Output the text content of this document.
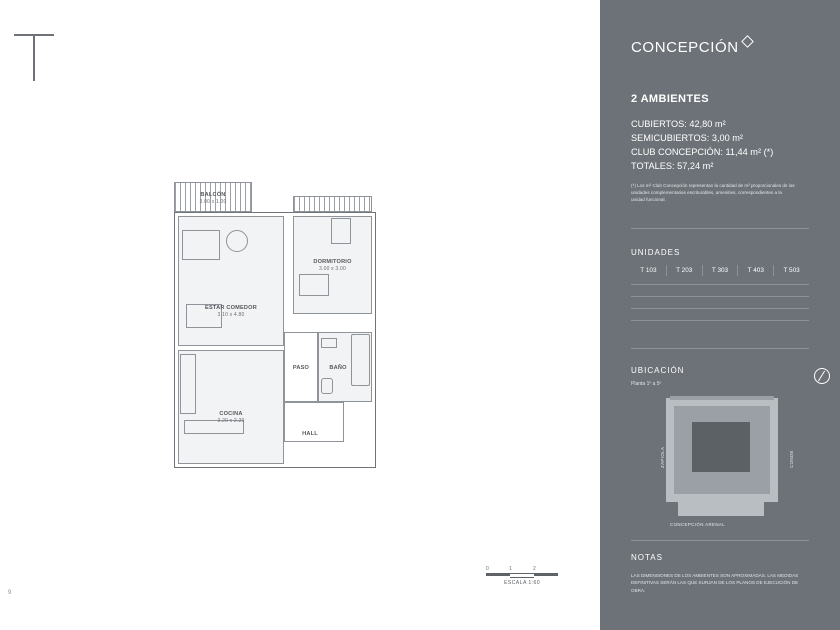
9
BALCÓN
3.00 x 1.00
DORMITORIO
3.00 x 3.00
ESTAR COMEDOR
3.10 x 4.80
COCINA
3.20 x 2.20
PASO	BAÑO
HALL
0	1	2
ESCALA 1:60
CONCEPCIÓN
2 AMBIENTES
CUBIERTOS: 42,80 m²
SEMICUBIERTOS: 3,00 m²
CLUB CONCEPCIÓN: 11,44 m² (*)
TOTALES: 57,24 m²
(*) Los m² Club Concepción representan la cantidad de m² proporcionales de las unidades complementarias escriturables, amenities, correspondientes a la unidad funcional.
UNIDADES
T 103	T 203	T 303	T 403	T 503
UBICACIÓN
Planta 1º a 5º
ZAPIOLA	CONDE
CONCEPCIÓN ARENAL
NOTAS
LAS DIMENSIONES DE LOS AMBIENTES SON APROXIMADAS. LAS MEDIDAS DEFINITIVAS SERÁN LAS QUE SURJAN DE LOS PLANOS DE EJECUCIÓN DE OBRA.
